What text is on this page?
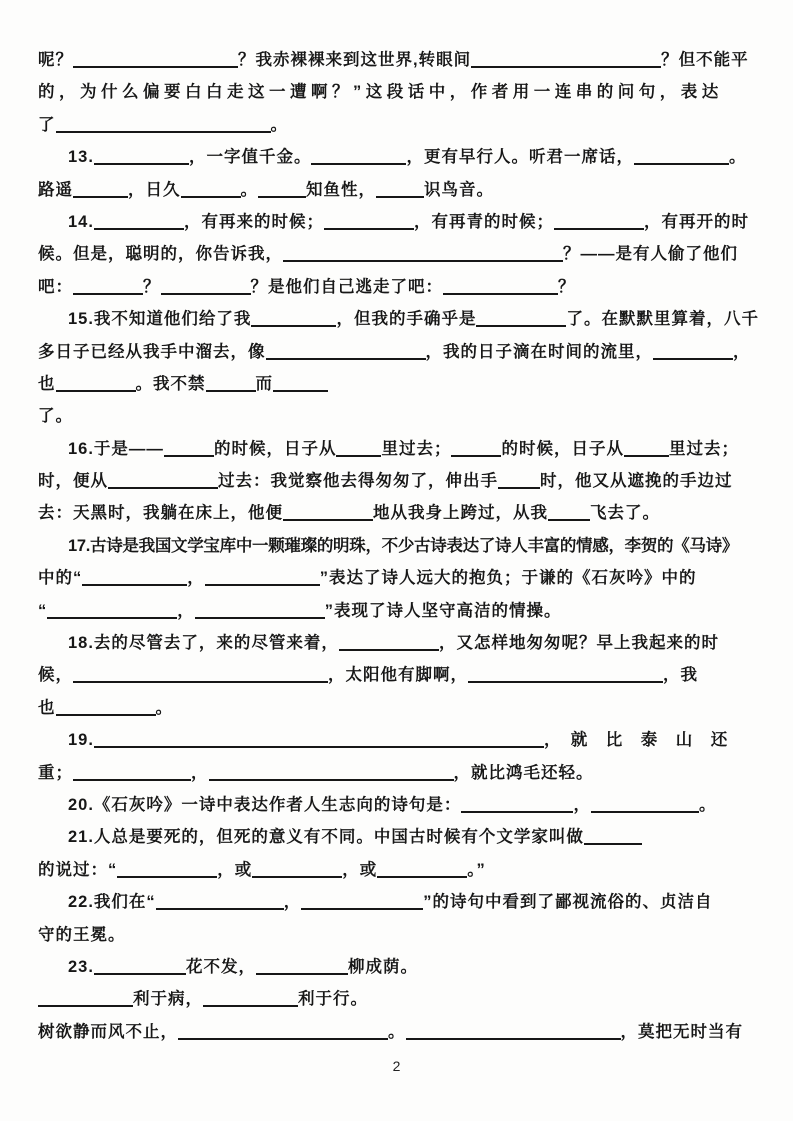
呢？	？我赤裸裸来到这世界,转眼间	？但不能平
的，为什么偏要白白走这一遭啊？”这段话中，作者用一连串的问句，表达
了	。
13.	，一字值千金。	，更有早行人。听君一席话，	。
路遥	，日久	。	知鱼性，	识鸟音。
14.	，有再来的时候；	，有再青的时候；	，有再开的时
候。但是，聪明的，你告诉我，	？——是有人偷了他们
吧：	？	？是他们自己逃走了吧：	？
15.我不知道他们给了我	，但我的手确乎是	了。在默默里算着，八千
多日子已经从我手中溜去，像	，我的日子滴在时间的流里，	，
也	。我不禁	而
了。
16.于是——	的时候，日子从	里过去；	的时候，日子从	里过去；
时，便从	过去：我觉察他去得匆匆了，伸出手	时，他又从遮挽的手边过
去：天黑时，我躺在床上，他便	地从我身上跨过，从我	飞去了。
17.古诗是我国文学宝库中一颗璀璨的明珠，不少古诗表达了诗人丰富的情感，李贺的《马诗》
中的“	，	”表达了诗人远大的抱负；于谦的《石灰吟》中的
“	，	”表现了诗人坚守高洁的情操。
18.去的尽管去了，来的尽管来着，	，又怎样地匆匆呢？早上我起来的时
候，	，太阳他有脚啊，	，我
也	。
19.	，　就　比　泰　山　还
重；	，	，就比鸿毛还轻。
20.《石灰吟》一诗中表达作者人生志向的诗句是：	，	。
21.人总是要死的，但死的意义有不同。中国古时候有个文学家叫做
的说过：“	，或	，或	。”
22.我们在“	，	”的诗句中看到了鄙视流俗的、贞洁自
守的王冕。
23.	花不发，	柳成荫。
利于病，	利于行。
树欲静而风不止，	。	，莫把无时当有
2
